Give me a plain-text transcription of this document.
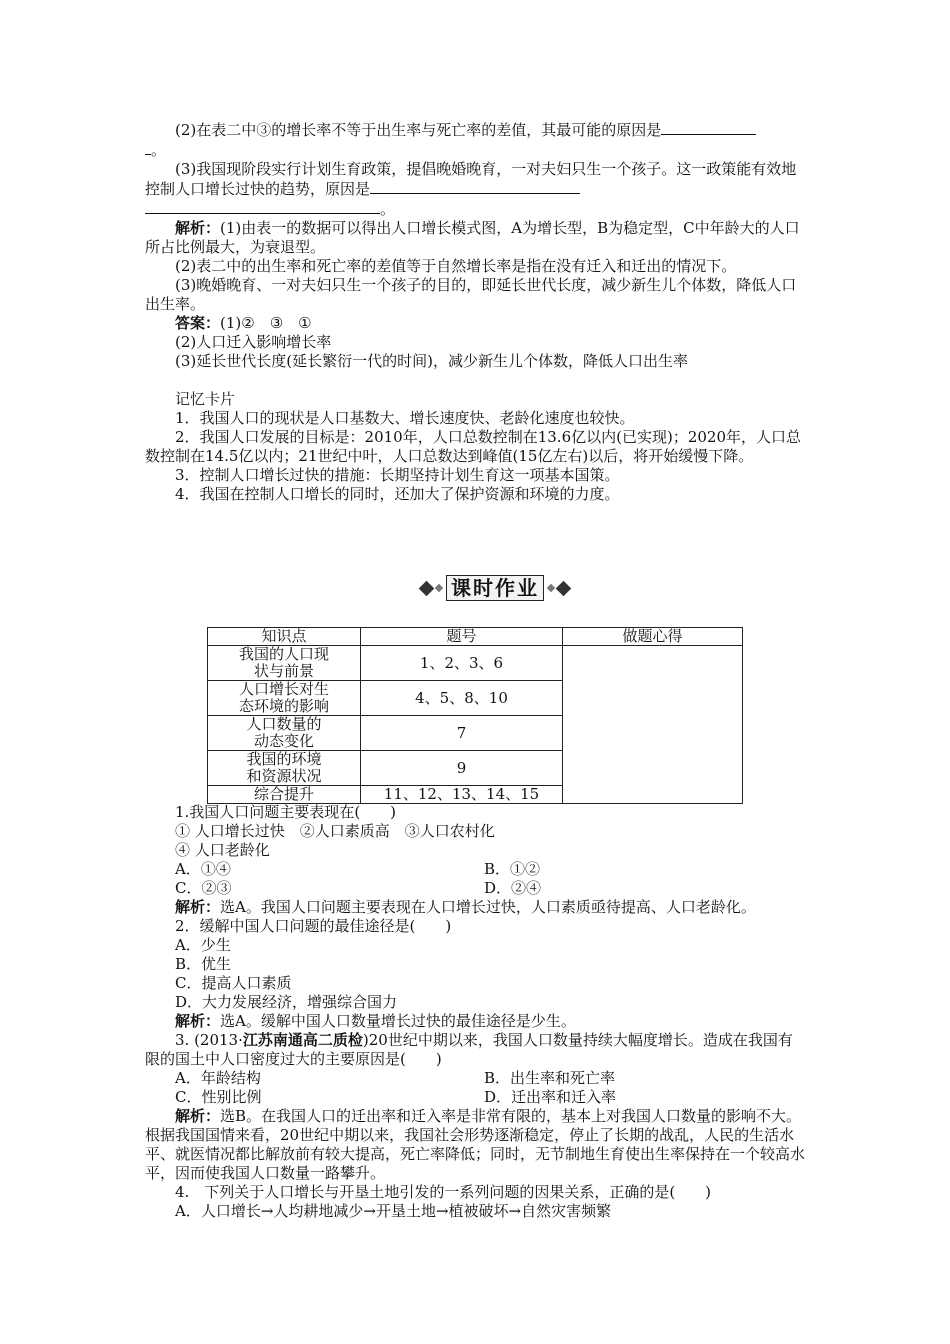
(2)在表二中③的增长率不等于出生率与死亡率的差值，其最可能的原因是
。

(3)我国现阶段实行计划生育政策，提倡晚婚晚育，一对夫妇只生一个孩子。这一政策能有效地控制人口增长过快的趋势，原因是
。

解析：(1)由表一的数据可以得出人口增长模式图，A为增长型，B为稳定型，C中年龄大的人口所占比例最大，为衰退型。

(2)表二中的出生率和死亡率的差值等于自然增长率是指在没有迁入和迁出的情况下。

(3)晚婚晚育、一对夫妇只生一个孩子的目的，即延长世代长度，减少新生儿个体数，降低人口出生率。

答案：(1)②　③　①

(2)人口迁入影响增长率

(3)延长世代长度(延长繁衍一代的时间)，减少新生儿个体数，降低人口出生率

记忆卡片

1．我国人口的现状是人口基数大、增长速度快、老龄化速度也较快。

2．我国人口发展的目标是：2010年，人口总数控制在13.6亿以内(已实现)；2020年，人口总数控制在14.5亿以内；21世纪中叶，人口总数达到峰值(15亿左右)以后，将开始缓慢下降。

3．控制人口增长过快的措施：长期坚持计划生育这一项基本国策。

4．我国在控制人口增长的同时，还加大了保护资源和环境的力度。

课时作业
知识点	题号	做题心得

我国的人口现状与前景	1、2、3、6	

人口增长对生态环境的影响	4、5、8、10	

人口数量的动态变化	7	

我国的环境和资源状况	9	
综合提升	11、12、13、14、15	

1.我国人口问题主要表现在(　　)

① 人口增长过快　②人口素质高　③人口农村化

④ 人口老龄化

A．①④	B．①②
C．②③	D．②④

解析：选A。我国人口问题主要表现在人口增长过快，人口素质亟待提高、人口老龄化。

2．缓解中国人口问题的最佳途径是(　　)

A．少生

B．优生

C．提高人口素质

D．大力发展经济，增强综合国力

解析：选A。缓解中国人口数量增长过快的最佳途径是少生。

3. (2013·江苏南通高二质检)20世纪中期以来，我国人口数量持续大幅度增长。造成在我国有限的国土中人口密度过大的主要原因是(　　)

A．年龄结构	B．出生率和死亡率
C．性别比例	D．迁出率和迁入率

解析：选B。在我国人口的迁出率和迁入率是非常有限的，基本上对我国人口数量的影响不大。根据我国国情来看，20世纪中期以来，我国社会形势逐渐稳定，停止了长期的战乱，人民的生活水平、就医情况都比解放前有较大提高，死亡率降低；同时，无节制地生育使出生率保持在一个较高水平，因而使我国人口数量一路攀升。

4.　下列关于人口增长与开垦土地引发的一系列问题的因果关系，正确的是(　　)

A．人口增长→人均耕地减少→开垦土地→植被破坏→自然灾害频繁
